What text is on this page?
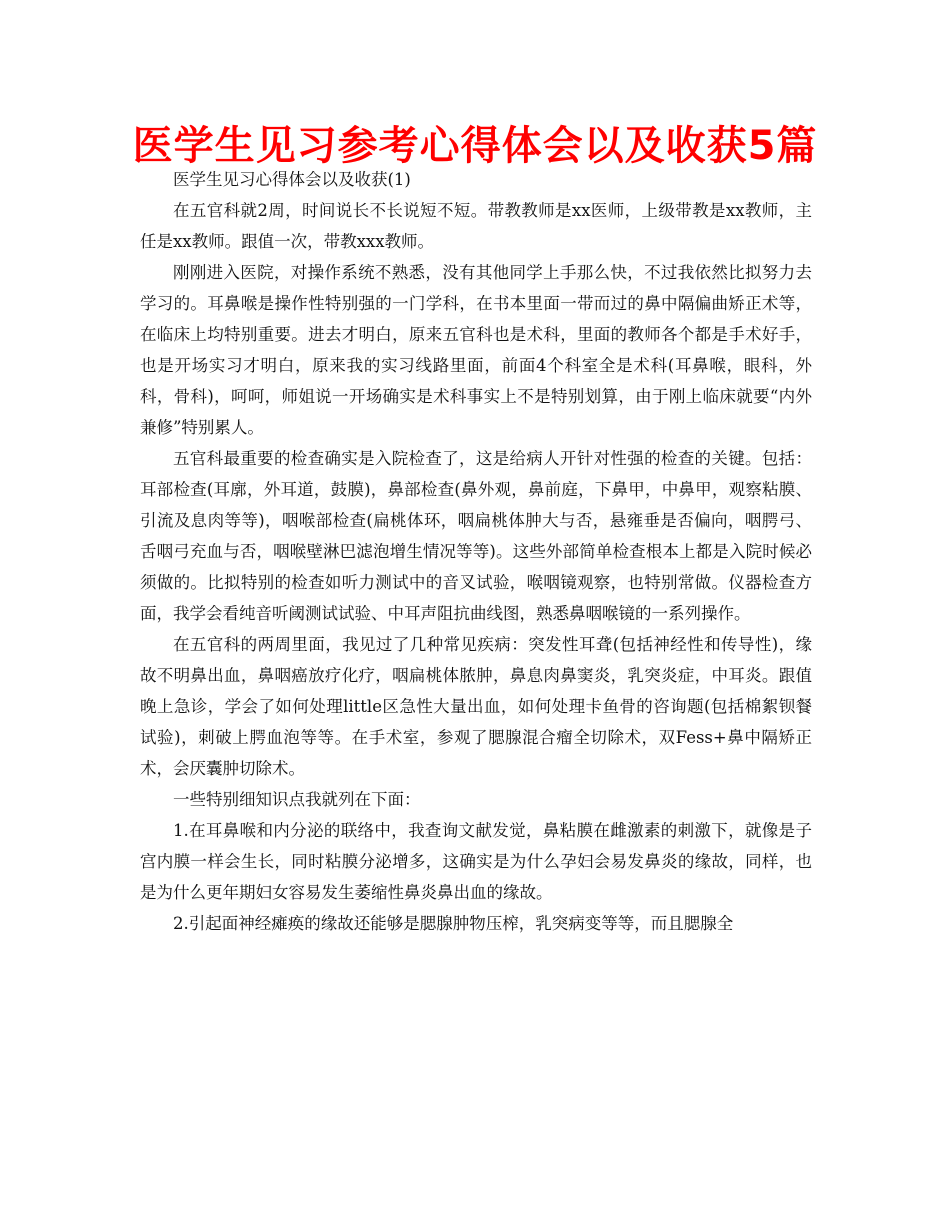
医学生见习参考心得体会以及收获5篇

医学生见习心得体会以及收获(1)

在五官科就2周，时间说长不长说短不短。带教教师是xx医师，上级带教是xx教师，主任是xx教师。跟值一次，带教xxx教师。

刚刚进入医院，对操作系统不熟悉，没有其他同学上手那么快，不过我依然比拟努力去学习的。耳鼻喉是操作性特别强的一门学科，在书本里面一带而过的鼻中隔偏曲矫正术等，在临床上均特别重要。进去才明白，原来五官科也是术科，里面的教师各个都是手术好手，也是开场实习才明白，原来我的实习线路里面，前面4个科室全是术科(耳鼻喉，眼科，外科，骨科)，呵呵，师姐说一开场确实是术科事实上不是特别划算，由于刚上临床就要“内外兼修”特别累人。

五官科最重要的检查确实是入院检查了，这是给病人开针对性强的检查的关键。包括：耳部检查(耳廓，外耳道，鼓膜)，鼻部检查(鼻外观，鼻前庭，下鼻甲，中鼻甲，观察粘膜、引流及息肉等等)，咽喉部检查(扁桃体环，咽扁桃体肿大与否，悬雍垂是否偏向，咽腭弓、舌咽弓充血与否，咽喉壁淋巴滤泡增生情况等等)。这些外部简单检查根本上都是入院时候必须做的。比拟特别的检查如听力测试中的音叉试验，喉咽镜观察，也特别常做。仪器检查方面，我学会看纯音听阈测试试验、中耳声阻抗曲线图，熟悉鼻咽喉镜的一系列操作。

在五官科的两周里面，我见过了几种常见疾病：突发性耳聋(包括神经性和传导性)，缘故不明鼻出血，鼻咽癌放疗化疗，咽扁桃体脓肿，鼻息肉鼻窦炎，乳突炎症，中耳炎。跟值晚上急诊，学会了如何处理little区急性大量出血，如何处理卡鱼骨的咨询题(包括棉絮钡餐试验)，刺破上腭血泡等等。在手术室，参观了腮腺混合瘤全切除术，双Fess+鼻中隔矫正术，会厌囊肿切除术。

一些特别细知识点我就列在下面：

1.在耳鼻喉和内分泌的联络中，我查询文献发觉，鼻粘膜在雌激素的刺激下，就像是子宫内膜一样会生长，同时粘膜分泌增多，这确实是为什么孕妇会易发鼻炎的缘故，同样，也是为什么更年期妇女容易发生萎缩性鼻炎鼻出血的缘故。

2.引起面神经瘫痪的缘故还能够是腮腺肿物压榨，乳突病变等等，而且腮腺全
